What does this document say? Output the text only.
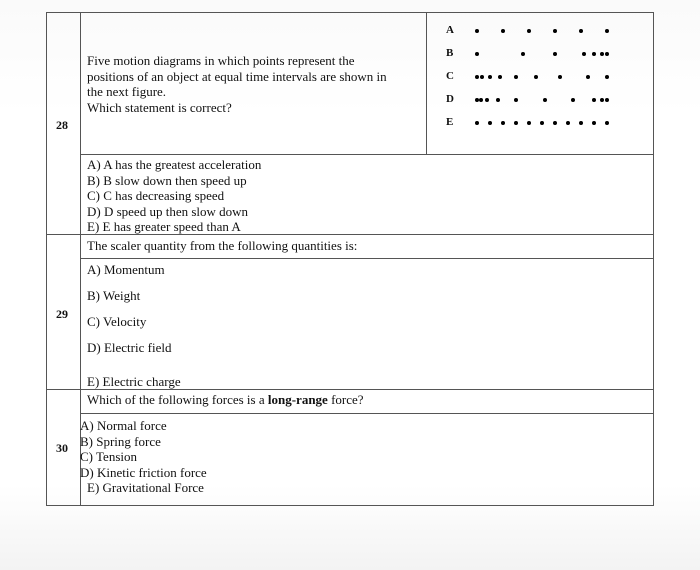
28
Five motion diagrams in which points represent the
positions of an object at equal time intervals are shown in
the next figure.
Which statement is correct?
A
B
C
D
E
A) A has the greatest acceleration
B) B slow down then speed up
C) C has decreasing speed
D) D speed up then slow down
E) E has greater speed than A
29
The scaler quantity from the following quantities is:
A) Momentum
B) Weight
C) Velocity
D) Electric field
E) Electric charge
30
Which of the following forces is a long-range force?
A) Normal force
B) Spring force
C) Tension
D) Kinetic friction force
E) Gravitational Force
